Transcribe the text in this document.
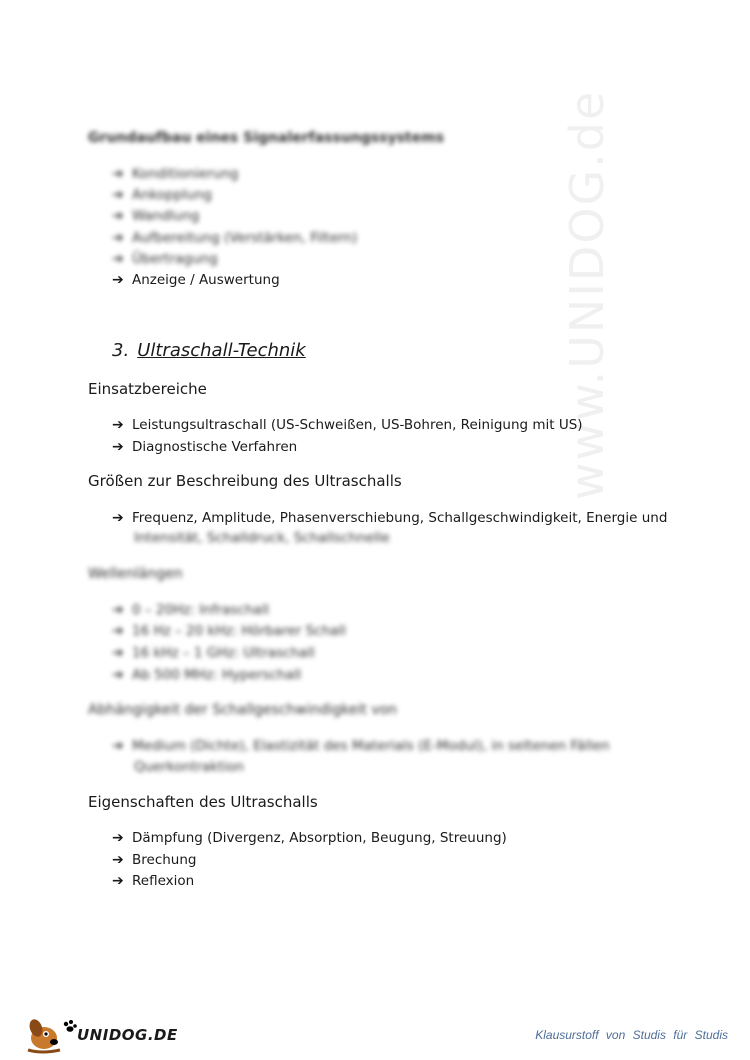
www.UNIDOG.de
Grundaufbau eines Signalerfassungssystems
➔ Konditionierung
➔ Ankopplung
➔ Wandlung
➔ Aufbereitung (Verstärken, Filtern)
➔ Übertragung
➔ Anzeige / Auswertung
3. Ultraschall-Technik
Einsatzbereiche
➔ Leistungsultraschall (US-Schweißen, US-Bohren, Reinigung mit US)
➔ Diagnostische Verfahren
Größen zur Beschreibung des Ultraschalls
➔ Frequenz, Amplitude, Phasenverschiebung, Schallgeschwindigkeit, Energie und
Intensität, Schalldruck, Schallschnelle
Wellenlängen
➔ 0 – 20Hz: Infraschall
➔ 16 Hz – 20 kHz: Hörbarer Schall
➔ 16 kHz – 1 GHz: Ultraschall
➔ Ab 500 MHz: Hyperschall
Abhängigkeit der Schallgeschwindigkeit von
➔ Medium (Dichte), Elastizität des Materials (E-Modul), in seltenen Fällen
Querkontraktion
Eigenschaften des Ultraschalls
➔ Dämpfung (Divergenz, Absorption, Beugung, Streuung)
➔ Brechung
➔ Reflexion
UNIDOG.DE	Klausurstoff von Studis für Studis
